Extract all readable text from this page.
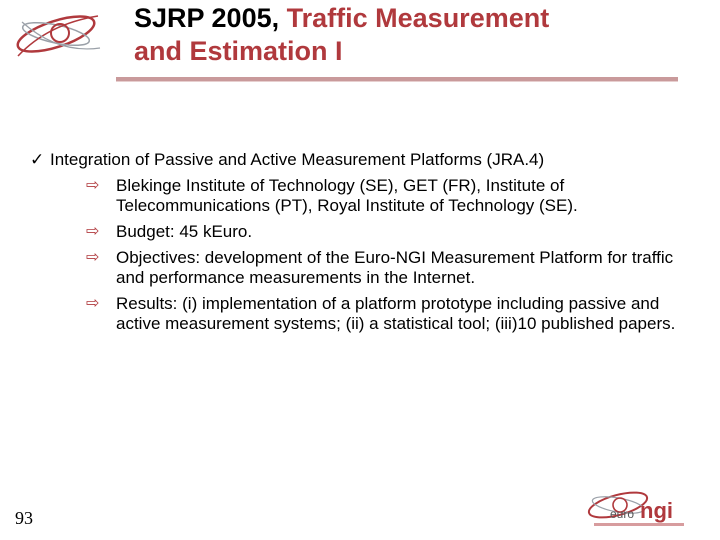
SJRP 2005, Traffic Measurement
and Estimation I
✓ Integration of Passive and Active Measurement Platforms (JRA.4)
⇨ Blekinge Institute of Technology (SE), GET (FR), Institute of Telecommunications (PT), Royal Institute of Technology (SE).
⇨ Budget: 45 kEuro.
⇨ Objectives: development of the Euro-NGI Measurement Platform for traffic and performance measurements in the Internet.
⇨ Results: (i) implementation of a platform prototype including passive and active measurement systems; (ii) a statistical tool; (iii)10 published papers.
93	euro ngi
